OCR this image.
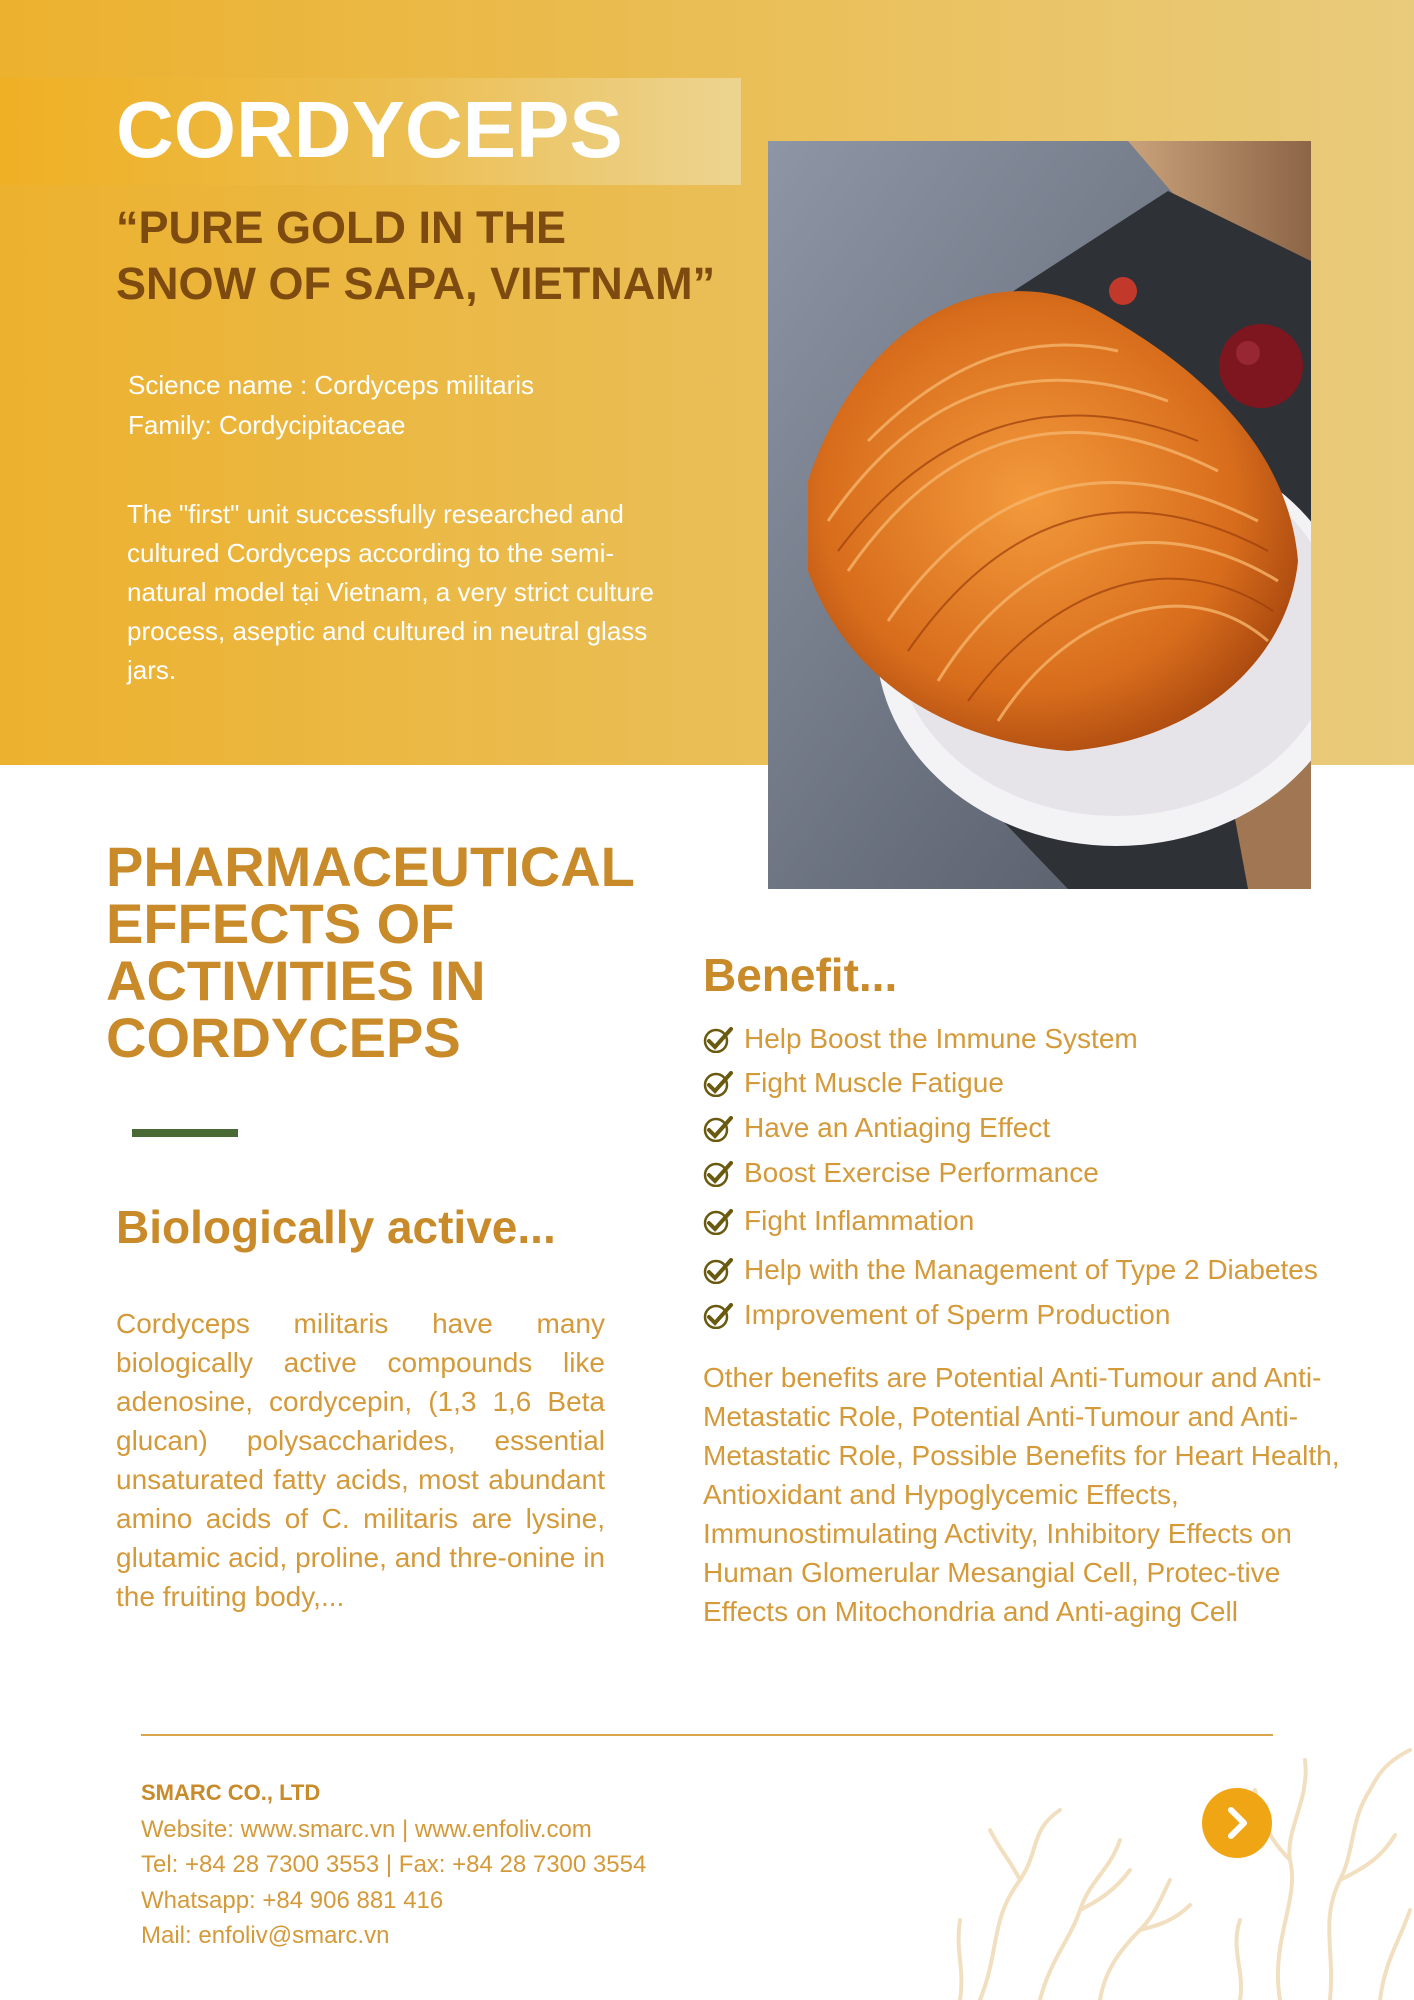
CORDYCEPS
“PURE GOLD IN THE SNOW OF SAPA, VIETNAM”
Science name : Cordyceps militaris
Family: Cordycipitaceae

The "first" unit successfully researched and cultured Cordyceps according to the semi-natural model tại Vietnam, a very strict culture process, aseptic and cultured in neutral glass jars.

PHARMACEUTICAL EFFECTS OF ACTIVITIES IN CORDYCEPS
Biologically active...

Cordyceps militaris have many biologically active compounds like adenosine, cordycepin, (1,3 1,6 Beta glucan) polysaccharides, essential unsaturated fatty acids, most abundant amino acids of C. militaris are lysine, glutamic acid, proline, and thre-onine in the fruiting body,...

Benefit...
Help Boost the Immune System
Fight Muscle Fatigue
Have an Antiaging Effect
Boost Exercise Performance
Fight Inflammation
Help with the Management of Type 2 Diabetes
Improvement of Sperm Production

Other benefits are Potential Anti-Tumour and Anti-Metastatic Role, Potential Anti-Tumour and Anti-Metastatic Role, Possible Benefits for Heart Health, Antioxidant and Hypoglycemic Effects, Immunostimulating Activity, Inhibitory Effects on Human Glomerular Mesangial Cell, Protec-tive Effects on Mitochondria and Anti-aging Cell

SMARC CO., LTD
Website: www.smarc.vn | www.enfoliv.com
Tel: +84 28 7300 3553 | Fax: +84 28 7300 3554
Whatsapp: +84 906 881 416
Mail: enfoliv@smarc.vn
